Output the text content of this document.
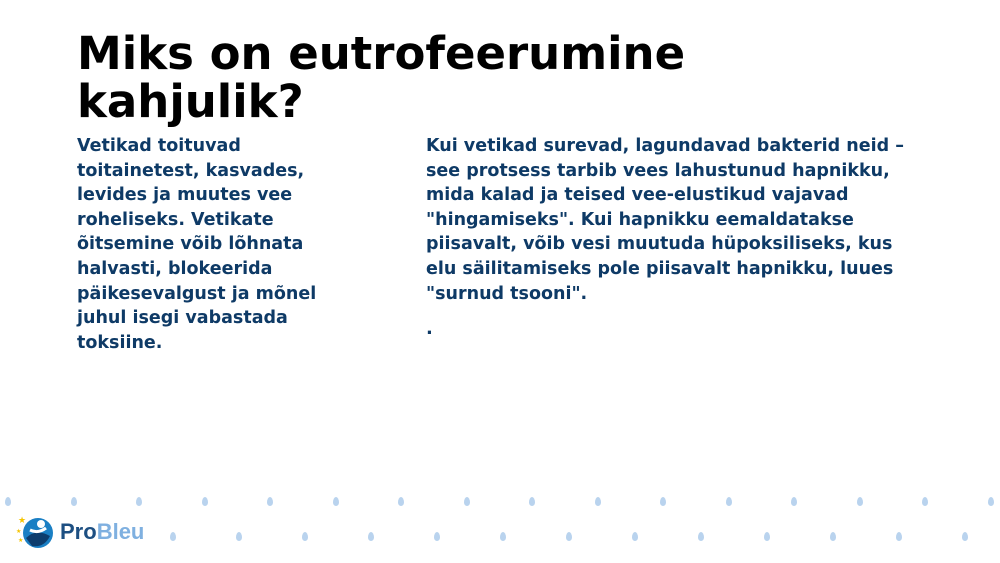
Miks on eutrofeerumine kahjulik?
Vetikad toituvad toitainetest, kasvades, levides ja muutes vee roheliseks. Vetikate õitsemine võib lõhnata halvasti, blokeerida päikesevalgust ja mõnel juhul isegi vabastada toksiine.
Kui vetikad surevad, lagundavad bakterid neid – see protsess tarbib vees lahustunud hapnikku, mida kalad ja teised vee-elustikud vajavad "hingamiseks". Kui hapnikku eemaldatakse piisavalt, võib vesi muutuda hüpoksiliseks, kus elu säilitamiseks pole piisavalt hapnikku, luues "surnud tsooni".
.
★
★
★ ProBleu
